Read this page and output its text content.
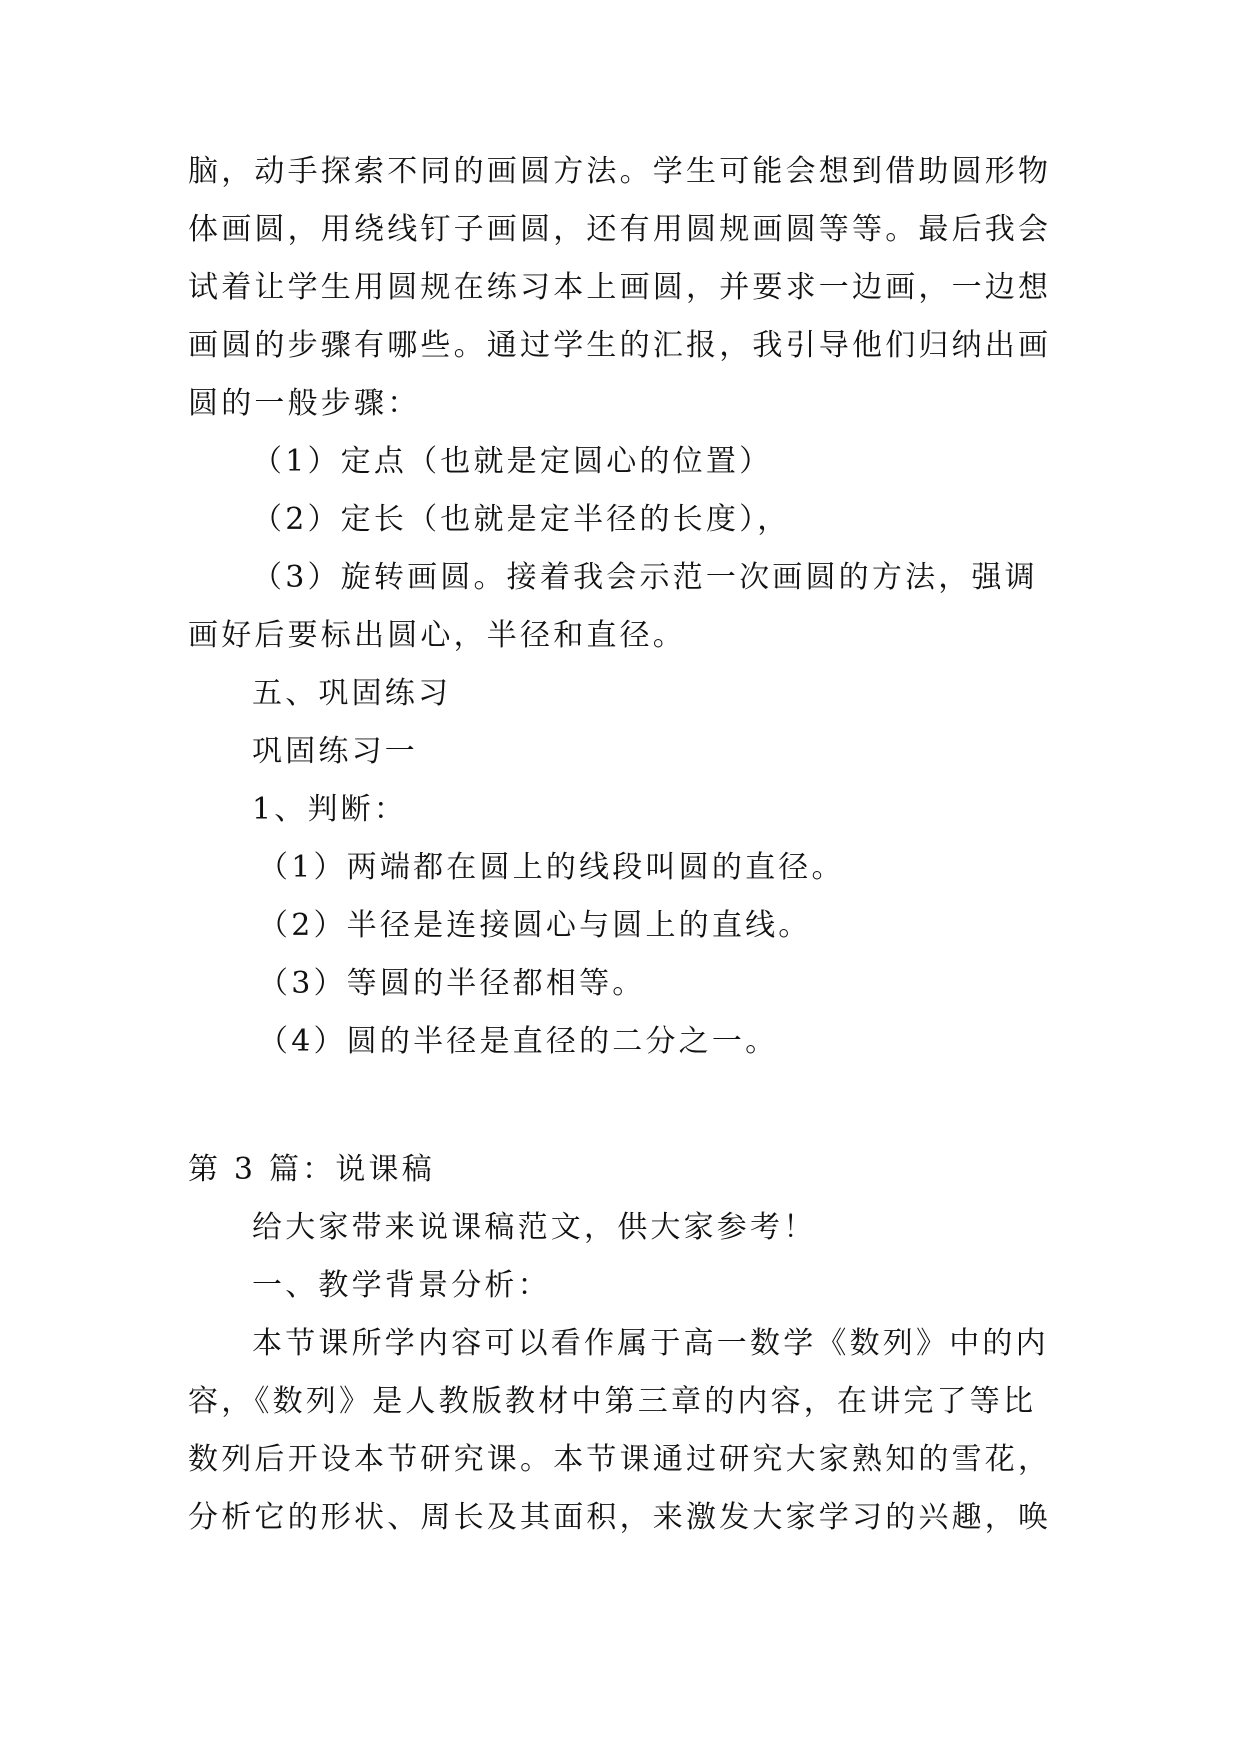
脑，动手探索不同的画圆方法。学生可能会想到借助圆形物
体画圆，用绕线钉子画圆，还有用圆规画圆等等。最后我会
试着让学生用圆规在练习本上画圆，并要求一边画，一边想
画圆的步骤有哪些。通过学生的汇报，我引导他们归纳出画
圆的一般步骤：
（1）定点（也就是定圆心的位置）
（2）定长（也就是定半径的长度），
（3）旋转画圆。接着我会示范一次画圆的方法，强调
画好后要标出圆心，半径和直径。
五、巩固练习
巩固练习一
1、判断：
（1）两端都在圆上的线段叫圆的直径。
（2）半径是连接圆心与圆上的直线。
（3）等圆的半径都相等。
（4）圆的半径是直径的二分之一。
第 3 篇：说课稿
给大家带来说课稿范文，供大家参考！
一、教学背景分析：
本节课所学内容可以看作属于高一数学《数列》中的内
容，《数列》是人教版教材中第三章的内容，在讲完了等比
数列后开设本节研究课。本节课通过研究大家熟知的雪花，
分析它的形状、周长及其面积，来激发大家学习的兴趣，唤
